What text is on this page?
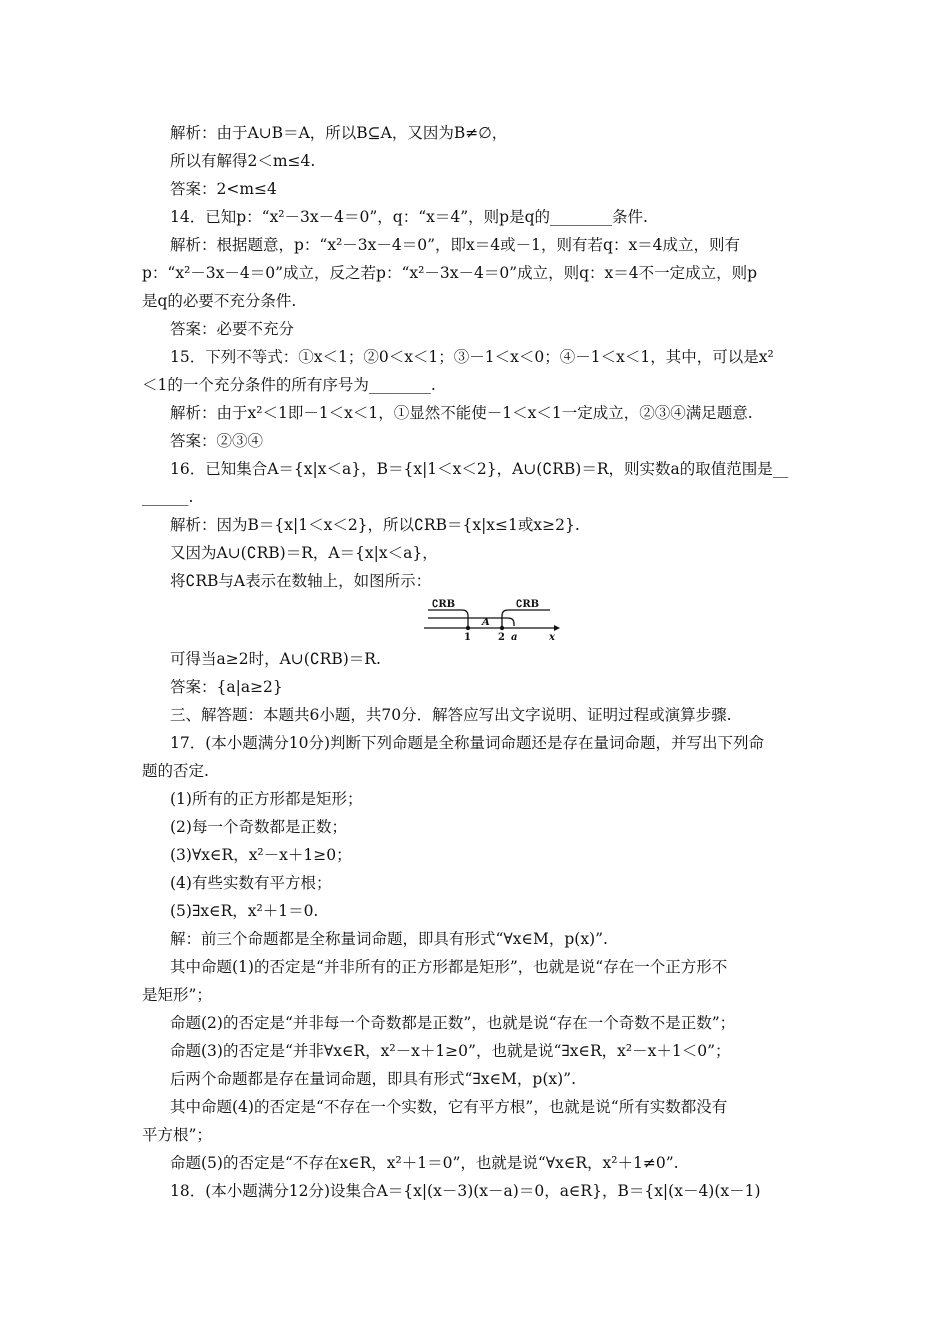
解析：由于A∪B＝A，所以B⊆A，又因为B≠∅，
所以有解得2＜m≤4.
答案：2<m≤4
14．已知p：“x²－3x－4＝0”，q：“x＝4”，则p是q的________条件.
解析：根据题意，p：“x²－3x－4＝0”，即x＝4或－1，则有若q：x＝4成立，则有
p：“x²－3x－4＝0”成立，反之若p：“x²－3x－4＝0”成立，则q：x＝4不一定成立，则p
是q的必要不充分条件.
答案：必要不充分
15．下列不等式：①x＜1；②0＜x＜1；③－1＜x＜0；④－1＜x＜1，其中，可以是x²
＜1的一个充分条件的所有序号为________.
解析：由于x²＜1即－1＜x＜1，①显然不能使－1＜x＜1一定成立，②③④满足题意.
答案：②③④
16．已知集合A＝{x|x＜a}，B＝{x|1＜x＜2}，A∪(∁RB)＝R，则实数a的取值范围是__
______.
解析：因为B＝{x|1＜x＜2}，所以∁RB＝{x|x≤1或x≥2}.
又因为A∪(∁RB)＝R，A＝{x|x＜a}，
将∁RB与A表示在数轴上，如图所示：
可得当a≥2时，A∪(∁RB)＝R.
答案：{a|a≥2}
三、解答题：本题共6小题，共70分．解答应写出文字说明、证明过程或演算步骤.
17．(本小题满分10分)判断下列命题是全称量词命题还是存在量词命题，并写出下列命
题的否定.
(1)所有的正方形都是矩形；
(2)每一个奇数都是正数；
(3)∀x∈R，x²－x＋1≥0；
(4)有些实数有平方根；
(5)∃x∈R，x²＋1＝0.
解：前三个命题都是全称量词命题，即具有形式“∀x∈M，p(x)”.
其中命题(1)的否定是“并非所有的正方形都是矩形”，也就是说“存在一个正方形不
是矩形”；
命题(2)的否定是“并非每一个奇数都是正数”，也就是说“存在一个奇数不是正数”；
命题(3)的否定是“并非∀x∈R，x²－x＋1≥0”，也就是说“∃x∈R，x²－x＋1＜0”；
后两个命题都是存在量词命题，即具有形式“∃x∈M，p(x)”.
其中命题(4)的否定是“不存在一个实数，它有平方根”，也就是说“所有实数都没有
平方根”；
命题(5)的否定是“不存在x∈R，x²＋1＝0”，也就是说“∀x∈R，x²＋1≠0”.
18．(本小题满分12分)设集合A＝{x|(x－3)(x－a)＝0，a∈R}，B＝{x|(x－4)(x－1)
∁RB	∁RB
A
1	2 a	x
